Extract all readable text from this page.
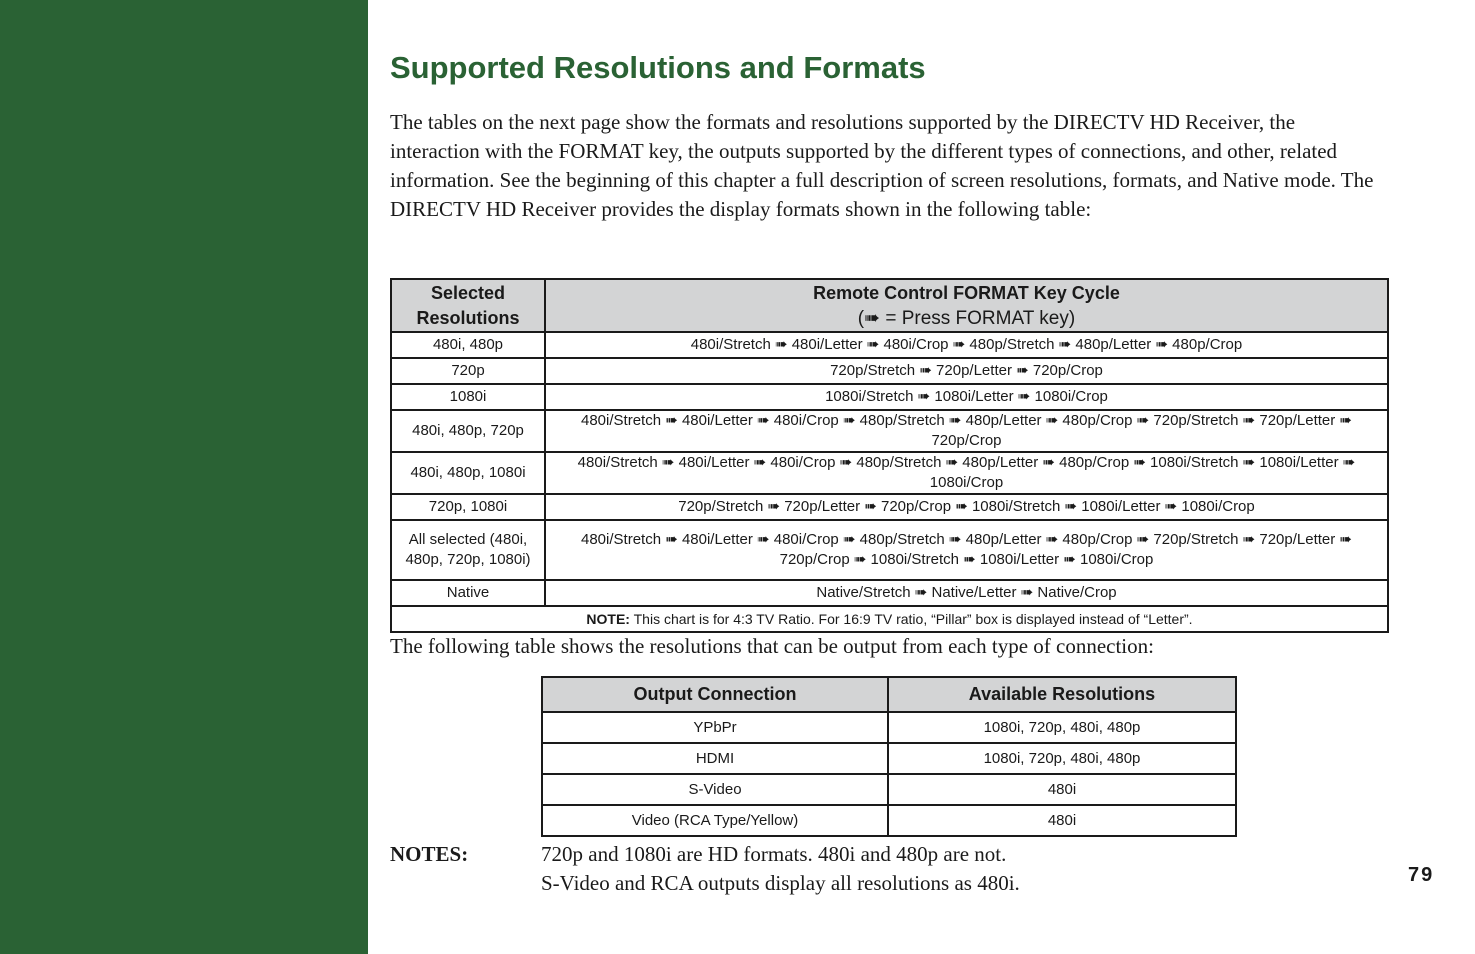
Supported Resolutions and Formats

The tables on the next page show the formats and resolutions supported by the DIRECTV HD Receiver, the interaction with the FORMAT key, the outputs supported by the different types of connections, and other, related information. See the beginning of this chapter a full description of screen resolutions, formats, and Native mode. The DIRECTV HD Receiver provides the display formats shown in the following table:

Selected Resolutions	Remote Control FORMAT Key Cycle
(➠ = Press FORMAT key)

480i, 480p	480i/Stretch ➠ 480i/Letter ➠ 480i/Crop ➠ 480p/Stretch ➠ 480p/Letter ➠ 480p/Crop
720p	720p/Stretch ➠ 720p/Letter ➠ 720p/Crop
1080i	1080i/Stretch ➠ 1080i/Letter ➠ 1080i/Crop
480i, 480p, 720p	480i/Stretch ➠ 480i/Letter ➠ 480i/Crop ➠ 480p/Stretch ➠ 480p/Letter ➠ 480p/Crop ➠ 720p/Stretch ➠ 720p/Letter ➠ 720p/Crop
480i, 480p, 1080i	480i/Stretch ➠ 480i/Letter ➠ 480i/Crop ➠ 480p/Stretch ➠ 480p/Letter ➠ 480p/Crop ➠ 1080i/Stretch ➠ 1080i/Letter ➠ 1080i/Crop
720p, 1080i	720p/Stretch ➠ 720p/Letter ➠ 720p/Crop ➠ 1080i/Stretch ➠ 1080i/Letter ➠ 1080i/Crop
All selected (480i, 480p, 720p, 1080i)	480i/Stretch ➠ 480i/Letter ➠ 480i/Crop ➠ 480p/Stretch ➠ 480p/Letter ➠ 480p/Crop ➠ 720p/Stretch ➠ 720p/Letter ➠ 720p/Crop ➠ 1080i/Stretch ➠ 1080i/Letter ➠ 1080i/Crop
Native	Native/Stretch ➠ Native/Letter ➠ Native/Crop
NOTE: This chart is for 4:3 TV Ratio. For 16:9 TV ratio, “Pillar” box is displayed instead of “Letter”.	

The following table shows the resolutions that can be output from each type of connection:

Output Connection	Available Resolutions
YPbPr	1080i, 720p, 480i, 480p
HDMI	1080i, 720p, 480i, 480p
S-Video	480i
Video (RCA Type/Yellow)	480i

NOTES:	720p and 1080i are HD formats. 480i and 480p are not.
S-Video and RCA outputs display all resolutions as 480i.	79
